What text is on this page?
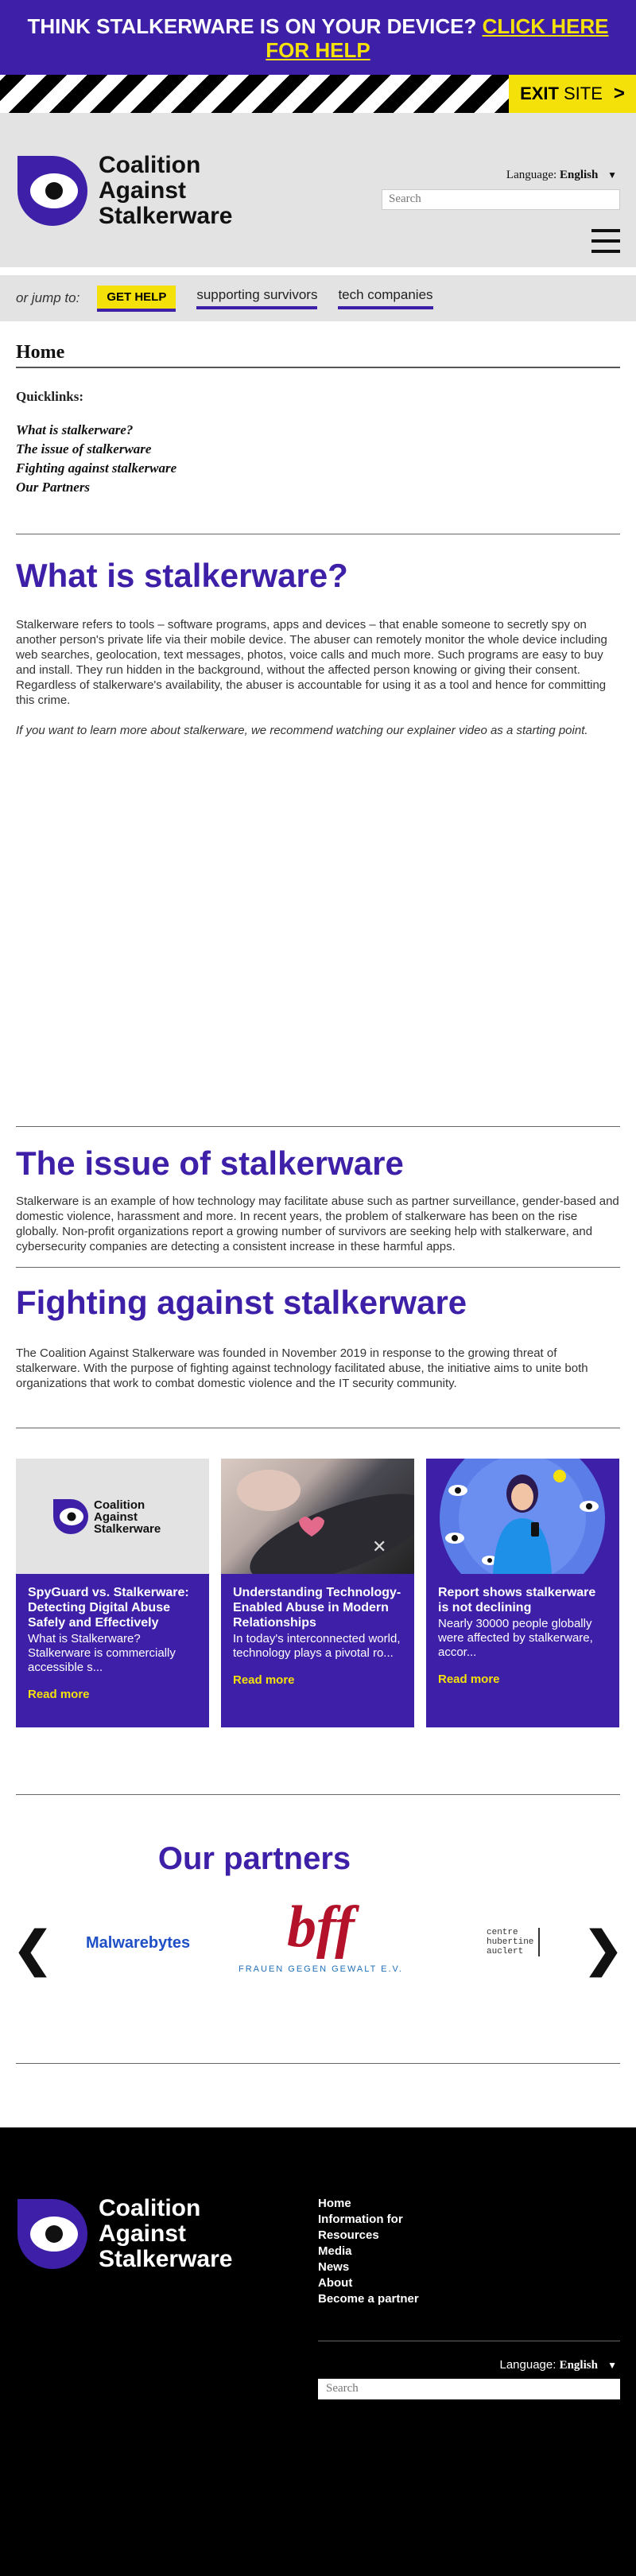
THINK STALKERWARE IS ON YOUR DEVICE? CLICK HERE
FOR HELP
EXIT SITE >
Coalition
Against
Stalkerware
Language: English ▼
Search
or jump to:	GET HELP	supporting survivors tech companies
Home
Quicklinks:
What is stalkerware?
The issue of stalkerware
Fighting against stalkerware
Our Partners
What is stalkerware?

Stalkerware refers to tools – software programs, apps and devices – that enable someone to secretly spy on another person's private life via their mobile device. The abuser can remotely monitor the whole device including web searches, geolocation, text messages, photos, voice calls and much more. Such programs are easy to buy and install. They run hidden in the background, without the affected person knowing or giving their consent. Regardless of stalkerware's availability, the abuser is accountable for using it as a tool and hence for committing this crime.

If you want to learn more about stalkerware, we recommend watching our explainer video as a starting point.

The issue of stalkerware

Stalkerware is an example of how technology may facilitate abuse such as partner surveillance, gender-based and domestic violence, harassment and more. In recent years, the problem of stalkerware has been on the rise globally. Non-profit organizations report a growing number of survivors are seeking help with stalkerware, and cybersecurity companies are detecting a consistent increase in these harmful apps.

Fighting against stalkerware

The Coalition Against Stalkerware was founded in November 2019 in response to the growing threat of stalkerware. With the purpose of fighting against technology facilitated abuse, the initiative aims to unite both organizations that work to combat domestic violence and the IT security community.

Coalition
Against
Stalkerware
SpyGuard vs. Stalkerware: Detecting Digital Abuse Safely and Effectively
What is Stalkerware? Stalkerware is commercially accessible s...
Read more
✕
Understanding Technology-Enabled Abuse in Modern Relationships
In today's interconnected world, technology plays a pivotal ro...
Read more
Report shows stalkerware is not declining
Nearly 30000 people globally were affected by stalkerware, accor...
Read more
Our partners
❮ Malwarebytes	bff
FRAUEN GEGEN GEWALT E.V.
centre
hubertine
auclert ❯
Coalition
Against
Stalkerware
Home
Information for
Resources
Media
News
About
Become a partner
Language: English ▼
Search
